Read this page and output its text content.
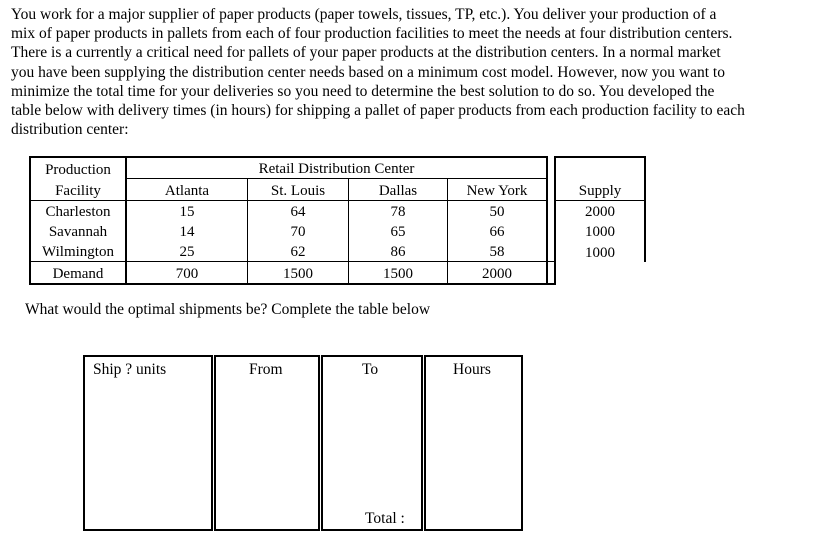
You work for a major supplier of paper products (paper towels, tissues, TP, etc.). You deliver your production of a
mix of paper products in pallets from each of four production facilities to meet the needs at four distribution centers.
There is a currently a critical need for pallets of your paper products at the distribution centers. In a normal market
you have been supplying the distribution center needs based on a minimum cost model. However, now you want to
minimize the total time for your deliveries so you need to determine the best solution to do so. You developed the
table below with delivery times (in hours) for shipping a pallet of paper products from each production facility to each
distribution center:
Production	Retail Distribution Center					
Facility	Atlanta	St. Louis	Dallas	New York		Supply
Charleston	15	64	78	50		2000
Savannah	14	70	65	66		1000
Wilmington	25	62	86	58		1000
Demand	700	1500	1500	2000		
What would the optimal shipments be? Complete the table below
Ship ? units	From	To	Hours
Total :
